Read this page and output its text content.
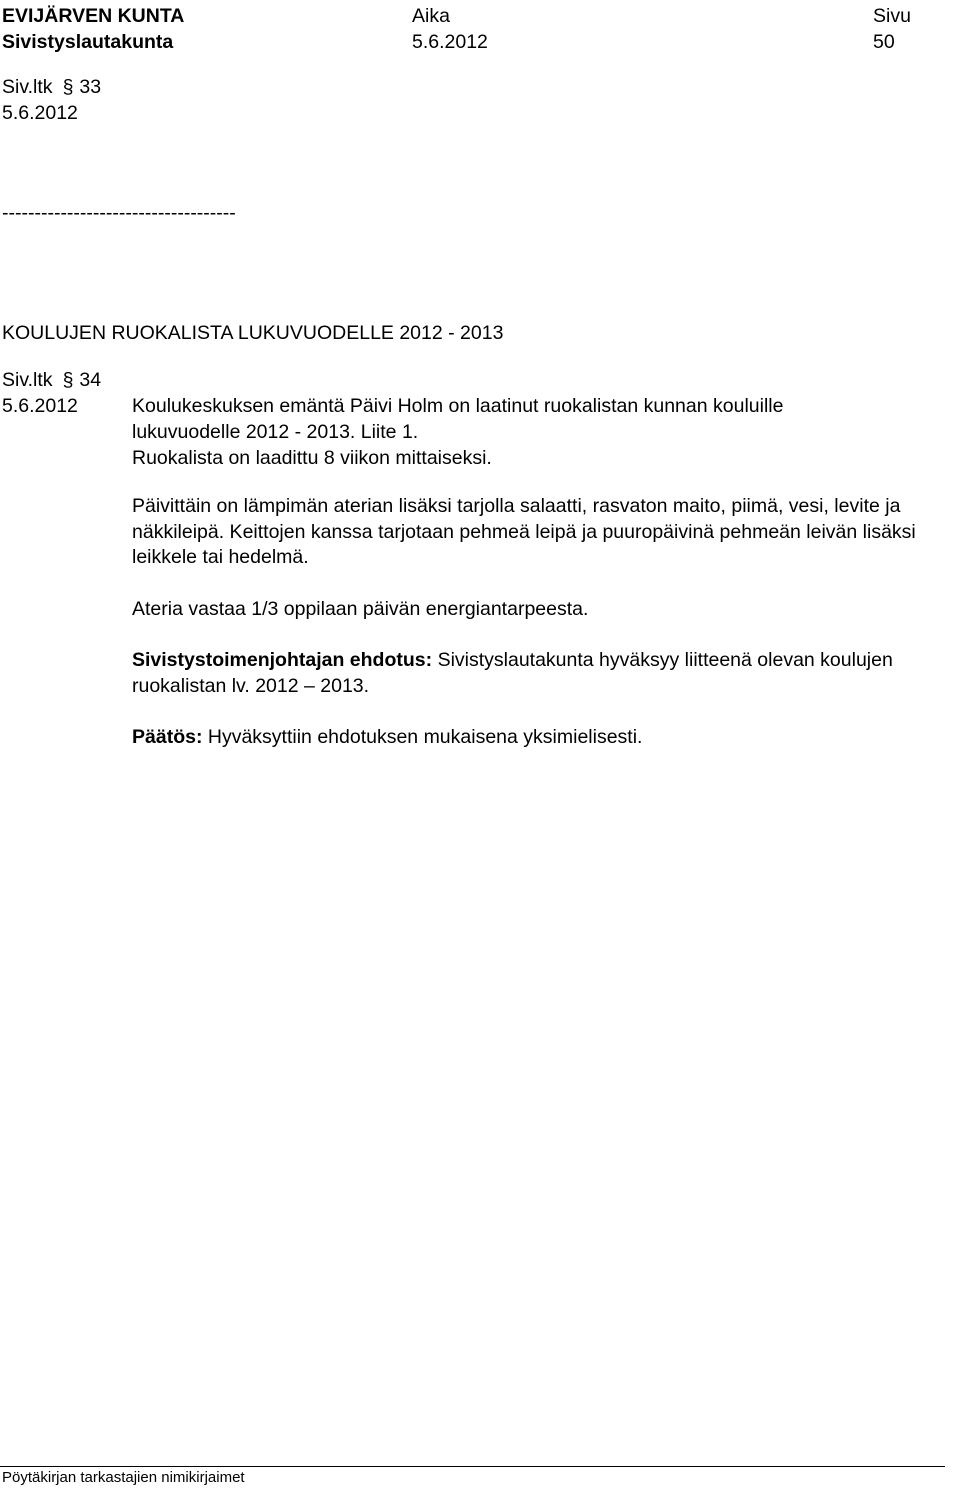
EVIJÄRVEN KUNTA
Sivistyslautakunta
Aika
5.6.2012
Sivu
50
Siv.ltk § 33
5.6.2012
------------------------------------
KOULUJEN RUOKALISTA LUKUVUODELLE 2012 - 2013
Siv.ltk § 34
5.6.2012	Koulukeskuksen emäntä Päivi Holm on laatinut ruokalistan kunnan kouluille
lukuvuodelle 2012 - 2013. Liite 1.
Ruokalista on laadittu 8 viikon mittaiseksi.
Päivittäin on lämpimän aterian lisäksi tarjolla salaatti, rasvaton maito, piimä, vesi, levite ja näkkileipä. Keittojen kanssa tarjotaan pehmeä leipä ja puuropäivinä pehmeän leivän lisäksi leikkele tai hedelmä.
Ateria vastaa 1/3 oppilaan päivän energiantarpeesta.
Sivistystoimenjohtajan ehdotus: Sivistyslautakunta hyväksyy liitteenä olevan koulujen ruokalistan lv. 2012 – 2013.
Päätös: Hyväksyttiin ehdotuksen mukaisena yksimielisesti.
Pöytäkirjan tarkastajien nimikirjaimet
